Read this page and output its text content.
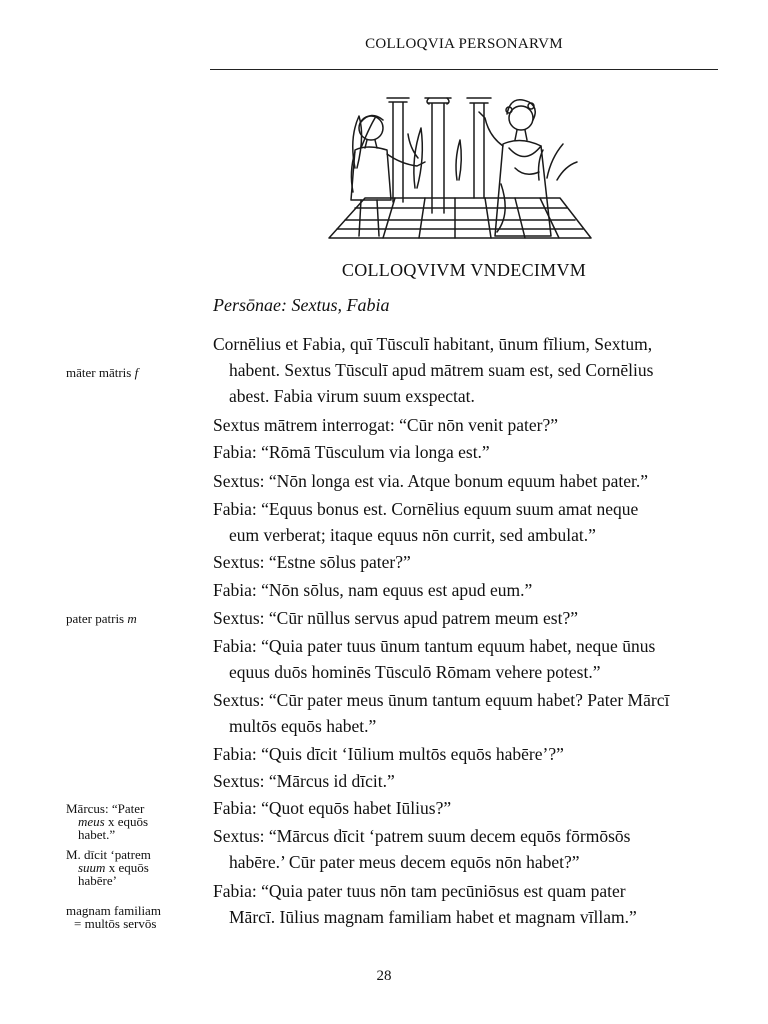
COLLOQVIA PERSONARVM
COLLOQVIVM VNDECIMVM
Persōnae: Sextus, Fabia
Cornēlius et Fabia, quī Tūsculī habitant, ūnum fīlium, Sextum,
habent. Sextus Tūsculī apud mātrem suam est, sed Cornēlius
abest. Fabia virum suum exspectat.
Sextus mātrem interrogat: “Cūr nōn venit pater?”
Fabia: “Rōmā Tūsculum via longa est.”
Sextus: “Nōn longa est via. Atque bonum equum habet pater.”
Fabia: “Equus bonus est. Cornēlius equum suum amat neque
eum verberat; itaque equus nōn currit, sed ambulat.”
Sextus: “Estne sōlus pater?”
Fabia: “Nōn sōlus, nam equus est apud eum.”
Sextus: “Cūr nūllus servus apud patrem meum est?”
Fabia: “Quia pater tuus ūnum tantum equum habet, neque ūnus
equus duōs hominēs Tūsculō Rōmam vehere potest.”
Sextus: “Cūr pater meus ūnum tantum equum habet? Pater Mārcī
multōs equōs habet.”
Fabia: “Quis dīcit ‘Iūlium multōs equōs habēre’?”
Sextus: “Mārcus id dīcit.”
Fabia: “Quot equōs habet Iūlius?”
Sextus: “Mārcus dīcit ‘patrem suum decem equōs fōrmōsōs
habēre.’ Cūr pater meus decem equōs nōn habet?”
Fabia: “Quia pater tuus nōn tam pecūniōsus est quam pater
Mārcī. Iūlius magnam familiam habet et magnam vīllam.”
māter mātris f
pater patris m
Mārcus: “Pater
meus x equōs
habet.”
M. dīcit ‘patrem
suum x equōs
habēre’
magnam familiam
= multōs servōs
28
